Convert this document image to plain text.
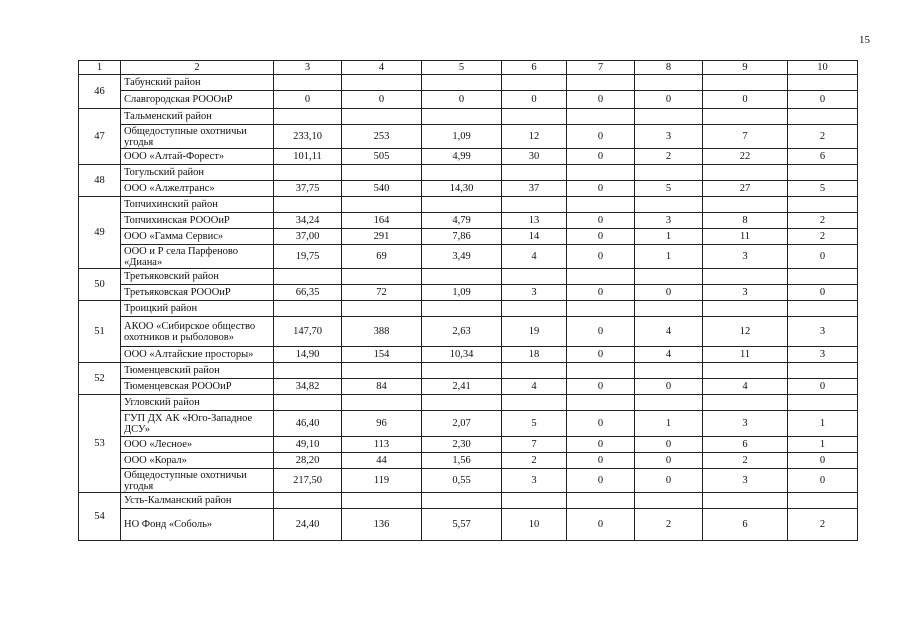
15
1	2	3	4	5	6	7	8	9	10
46	Табунский район								
	Славгородская РОООиР	0	0	0	0	0	0	0	0
47	Тальменский район								
	Общедоступные охотничьи угодья	233,10	253	1,09	12	0	3	7	2
	ООО «Алтай-Форест»	101,11	505	4,99	30	0	2	22	6
48	Тогульский район								
	ООО «Алжелтранс»	37,75	540	14,30	37	0	5	27	5
49	Топчихинский район								
	Топчихинская РОООиР	34,24	164	4,79	13	0	3	8	2
	ООО «Гамма Сервис»	37,00	291	7,86	14	0	1	11	2
	ООО и Р села Парфеново «Диана»	19,75	69	3,49	4	0	1	3	0
50	Третьяковский район								
	Третьяковская РОООиР	66,35	72	1,09	3	0	0	3	0
51	Троицкий район								
	АКОО «Сибирское общество охотников и рыболовов»	147,70	388	2,63	19	0	4	12	3
	ООО «Алтайские просторы»	14,90	154	10,34	18	0	4	11	3
52	Тюменцевский район								
	Тюменцевская РОООиР	34,82	84	2,41	4	0	0	4	0
53	Угловский район								
	ГУП ДХ АК «Юго-Западное ДСУ»	46,40	96	2,07	5	0	1	3	1
	ООО «Лесное»	49,10	113	2,30	7	0	0	6	1
	ООО «Корал»	28,20	44	1,56	2	0	0	2	0
	Общедоступные охотничьи угодья	217,50	119	0,55	3	0	0	3	0
54	Усть-Калманский район								
	НО Фонд «Соболь»	24,40	136	5,57	10	0	2	6	2
